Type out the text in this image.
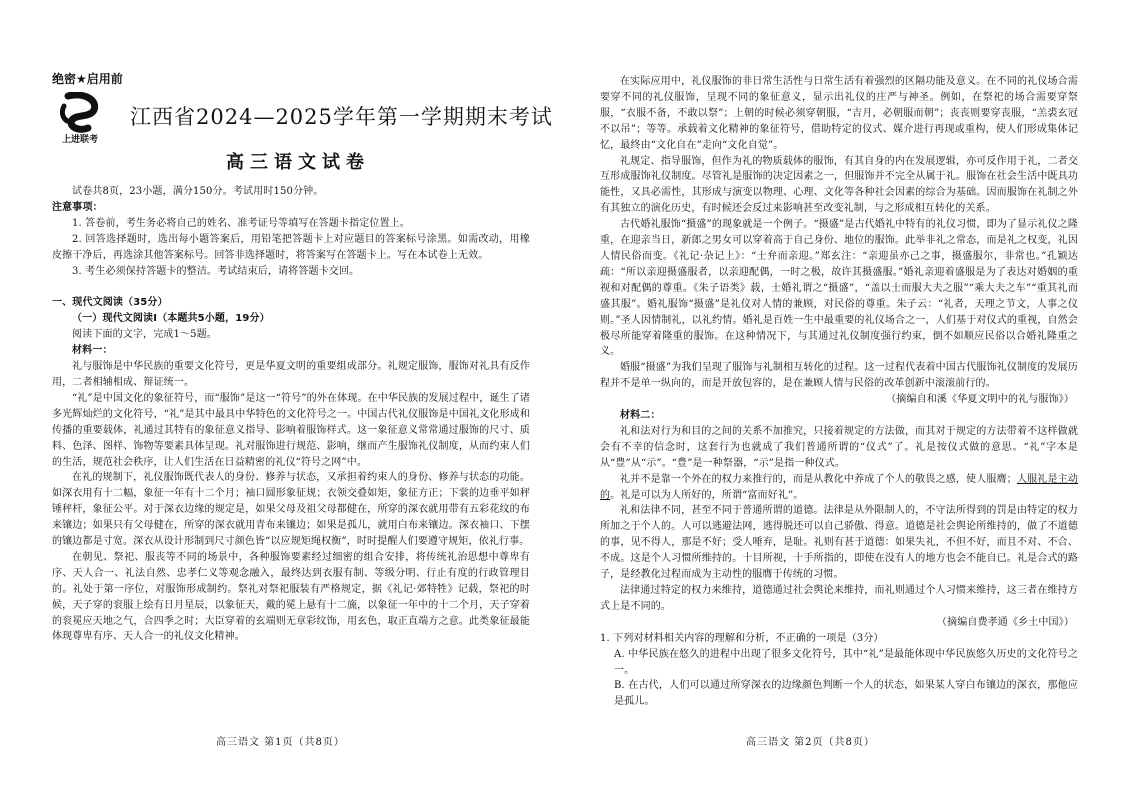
绝密★启用前
上进联考
江西省2024—2025学年第一学期期末考试
高三语文试卷

试卷共8页，23小题，满分150分。考试用时150分钟。

注意事项：

1. 答卷前，考生务必将自己的姓名、准考证号等填写在答题卡指定位置上。

2. 回答选择题时，选出每小题答案后，用铅笔把答题卡上对应题目的答案标号涂黑。如需改动，用橡皮擦干净后，再选涂其他答案标号。回答非选择题时，将答案写在答题卡上。写在本试卷上无效。

3. 考生必须保持答题卡的整洁。考试结束后，请将答题卡交回。

一、现代文阅读（35分）

（一）现代文阅读I（本题共5小题，19分）

阅读下面的文字，完成1～5题。

材料一：

礼与服饰是中华民族的重要文化符号，更是华夏文明的重要组成部分。礼规定服饰，服饰对礼具有反作用，二者相辅相成、辩证统一。

“礼”是中国文化的象征符号，而“服饰”是这一“符号”的外在体现。在中华民族的发展过程中，诞生了诸多光辉灿烂的文化符号，“礼”是其中最具中华特色的文化符号之一。中国古代礼仪服饰是中国礼文化形成和传播的重要载体，礼通过其特有的象征意义指导、影响着服饰样式。这一象征意义常常通过服饰的尺寸、质料、色泽、图样、饰物等要素具体呈现。礼对服饰进行规范、影响，继而产生服饰礼仪制度，从而约束人们的生活，规范社会秩序，让人们生活在日益精密的礼仪“符号之网”中。

在礼的规制下，礼仪服饰既代表人的身份、修养与状态，又承担着约束人的身份、修养与状态的功能。如深衣用有十二幅，象征一年有十二个月；袖口圆形象征规；衣领交叠如矩，象征方正；下裳的边垂平如秤锤秤杆，象征公平。对于深衣边缘的规定是，如果父母及祖父母都健在，所穿的深衣就用带有五彩花纹的布来镶边；如果只有父母健在，所穿的深衣就用青布来镶边；如果是孤儿，就用白布来镶边。深衣袖口、下摆的镶边都是寸宽。深衣从设计形制到尺寸颜色皆“以应规矩绳权衡”，时时提醒人们要遵守规矩，依礼行事。

在朝见、祭祀、服丧等不同的场景中，各种服饰要素经过细密的组合安排，将传统礼治思想中尊卑有序、天人合一、礼法自然、忠孝仁义等观念融入，最终达到衣服有制、等级分明、行止有度的行政管理目的。礼处于第一序位，对服饰形成制约。祭礼对祭祀服装有严格规定，据《礼记·郊特牲》记载，祭祀的时候，天子穿的衮服上绘有日月星辰，以象征天，戴的冕上悬有十二旒，以象征一年中的十二个月，天子穿着的衮冕应天地之气，合四季之时；大臣穿着的玄端则无章彩纹饰，用玄色，取正直端方之意。此类象征最能体现尊卑有序、天人合一的礼仪文化精神。

高三语文 第1页（共8页）	高三语文 第2页（共8页）

在实际应用中，礼仪服饰的非日常生活性与日常生活有着强烈的区隔功能及意义。在不同的礼仪场合需要穿不同的礼仪服饰，呈现不同的象征意义，显示出礼仪的庄严与神圣。例如，在祭祀的场合需要穿祭服，“衣服不备，不敢以祭”；上朝的时候必须穿朝服，“吉月，必朝服而朝”；丧丧则要穿丧服，“羔裘玄冠不以吊”；等等。承载着文化精神的象征符号，借助特定的仪式、媒介进行再现或重构，使人们形成集体记忆，最终由“文化自在”走向“文化自觉”。

礼规定、指导服饰，但作为礼的物质载体的服饰，有其自身的内在发展逻辑，亦可反作用于礼，二者交互形成服饰礼仪制度。尽管礼是服饰的决定因素之一，但服饰并不完全从属于礼。服饰在社会生活中既具功能性，又具必需性，其形成与演变以物理、心理、文化等各种社会因素的综合为基础。因而服饰在礼制之外有其独立的演化历史，有时候还会反过来影响甚至改变礼制，与之形成相互转化的关系。

古代婚礼服饰“摄盛”的现象就是一个例子。“摄盛”是古代婚礼中特有的礼仪习惯，即为了显示礼仪之隆重，在迎亲当日，新郎之男女可以穿着高于自己身份、地位的服饰。此举非礼之常态，而是礼之权变，礼因人情民俗而变。《礼记·杂记上》：“士弁而亲迎。”郑玄注：“亲迎虽亦己之事，摄盛服尔，非常也。”孔颖达疏：“所以亲迎摄盛服者，以亲迎配偶，一时之极，故许其摄盛服。”婚礼亲迎着盛服是为了表达对婚姻的重视和对配偶的尊重。《朱子语类》载，士婚礼谓之“摄盛”，“盖以士而服大夫之服”“乘大夫之车”“重其礼而盛其服”。婚礼服饰“摄盛”是礼仪对人情的兼顾，对民俗的尊重。朱子云：“礼者，天理之节文，人事之仪则。”圣人因情制礼，以礼约情。婚礼是百姓一生中最重要的礼仪场合之一，人们基于对仪式的重视，自然会极尽所能穿着隆重的服饰。在这种情况下，与其通过礼仪制度强行约束，倒不如顺应民俗以合婚礼隆重之义。

婚服“摄盛”为我们呈现了服饰与礼制相互转化的过程。这一过程代表着中国古代服饰礼仪制度的发展历程并不是单一纵向的，而是开放包容的，是在兼顾人情与民俗的改革创新中滚滚前行的。

（摘编自和溪《华夏文明中的礼与服饰》）

材料二：

礼和法对行为和目的之间的关系不加推究，只接着规定的方法做，而其对于规定的方法带着不这样做就会有不幸的信念时，这套行为也就成了我们普通所谓的“仪式”了。礼是按仪式做的意思。“礼”字本是从“豊”从“示”。“豊”是一种祭器，“示”是指一种仪式。

礼并不是靠一个外在的权力来推行的，而是从教化中养成了个人的敬畏之感，使人服膺；人服礼是主动的。礼是可以为人所好的，所谓“富而好礼”。

礼和法律不同，甚至不同于普通所谓的道德。法律是从外限制人的，不守法所得到的罚是由特定的权力所加之于个人的。人可以逃避法网，逃得脱还可以自己骄傲、得意。道德是社会舆论所维持的，做了不道德的事，见不得人，那是不好；受人唾弃，是耻。礼则有甚于道德：如果失礼，不但不好，而且不对、不合、不成。这是个人习惯所维持的。十目所视，十手所指的，即使在没有人的地方也会不能自已。礼是合式的路子，是经教化过程而成为主动性的服膺于传统的习惯。

法律通过特定的权力来维持，道德通过社会舆论来维持，而礼则通过个人习惯来维持，这三者在维持方式上是不同的。

（摘编自费孝通《乡土中国》）

1. 下列对材料相关内容的理解和分析，不正确的一项是（3分）

A. 中华民族在悠久的进程中出现了很多文化符号，其中“礼”是最能体现中华民族悠久历史的文化符号之一。

B. 在古代，人们可以通过所穿深衣的边缘颜色判断一个人的状态，如果某人穿白布镶边的深衣，那他应是孤儿。
